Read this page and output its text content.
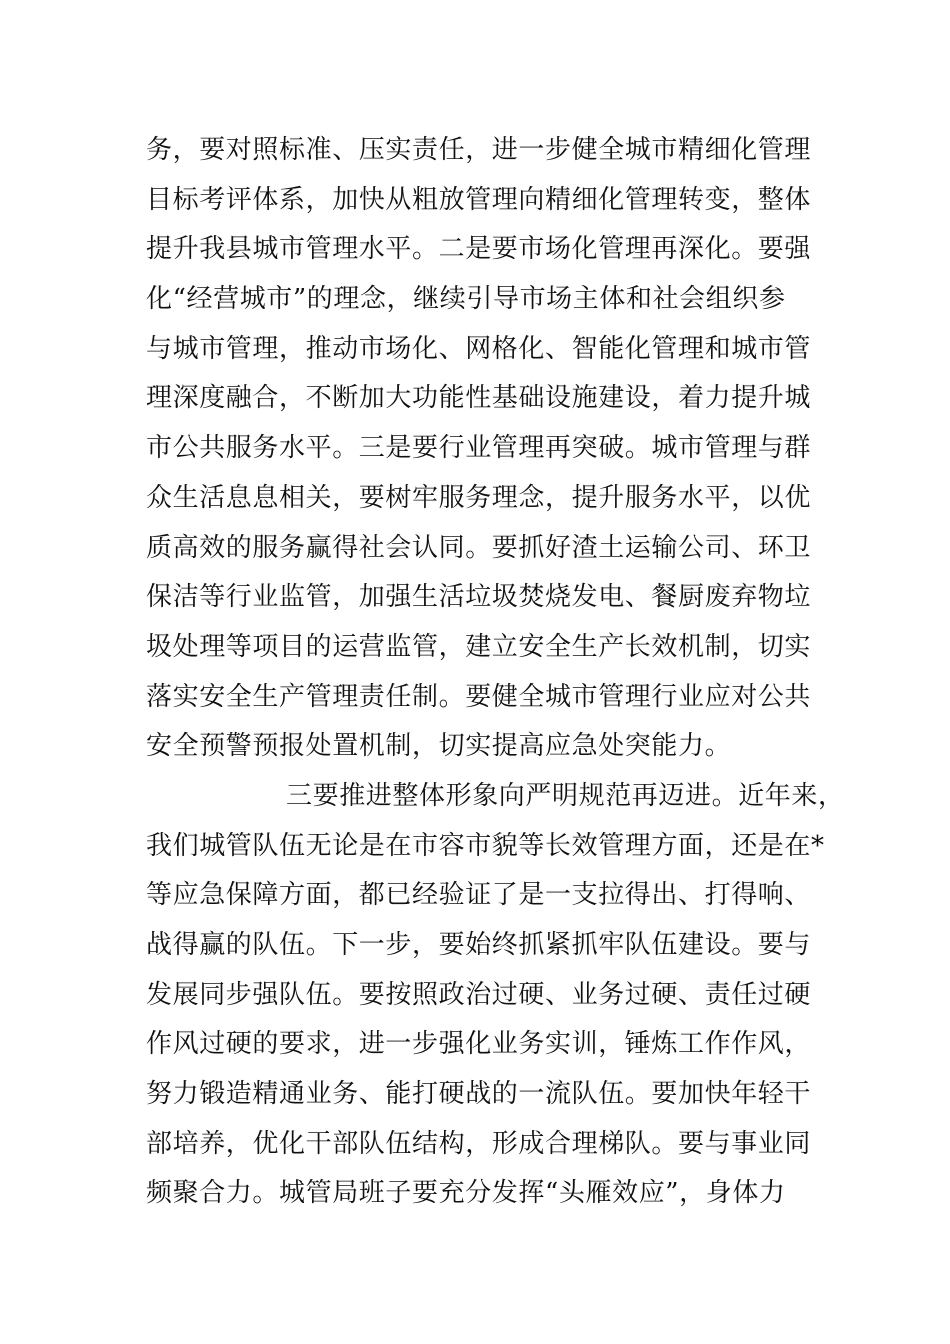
务，要对照标准、压实责任，进一步健全城市精细化管理
目标考评体系，加快从粗放管理向精细化管理转变，整体
提升我县城市管理水平。二是要市场化管理再深化。要强
化“经营城市”的理念，继续引导市场主体和社会组织参
与城市管理，推动市场化、网格化、智能化管理和城市管
理深度融合，不断加大功能性基础设施建设，着力提升城
市公共服务水平。三是要行业管理再突破。城市管理与群
众生活息息相关，要树牢服务理念，提升服务水平，以优
质高效的服务赢得社会认同。要抓好渣土运输公司、环卫
保洁等行业监管，加强生活垃圾焚烧发电、餐厨废弃物垃
圾处理等项目的运营监管，建立安全生产长效机制，切实
落实安全生产管理责任制。要健全城市管理行业应对公共
安全预警预报处置机制，切实提高应急处突能力。
三要推进整体形象向严明规范再迈进。近年来，
我们城管队伍无论是在市容市貌等长效管理方面，还是在*
等应急保障方面，都已经验证了是一支拉得出、打得响、
战得赢的队伍。下一步，要始终抓紧抓牢队伍建设。要与
发展同步强队伍。要按照政治过硬、业务过硬、责任过硬
作风过硬的要求，进一步强化业务实训，锤炼工作作风，
努力锻造精通业务、能打硬战的一流队伍。要加快年轻干
部培养，优化干部队伍结构，形成合理梯队。要与事业同
频聚合力。城管局班子要充分发挥“头雁效应”，身体力
